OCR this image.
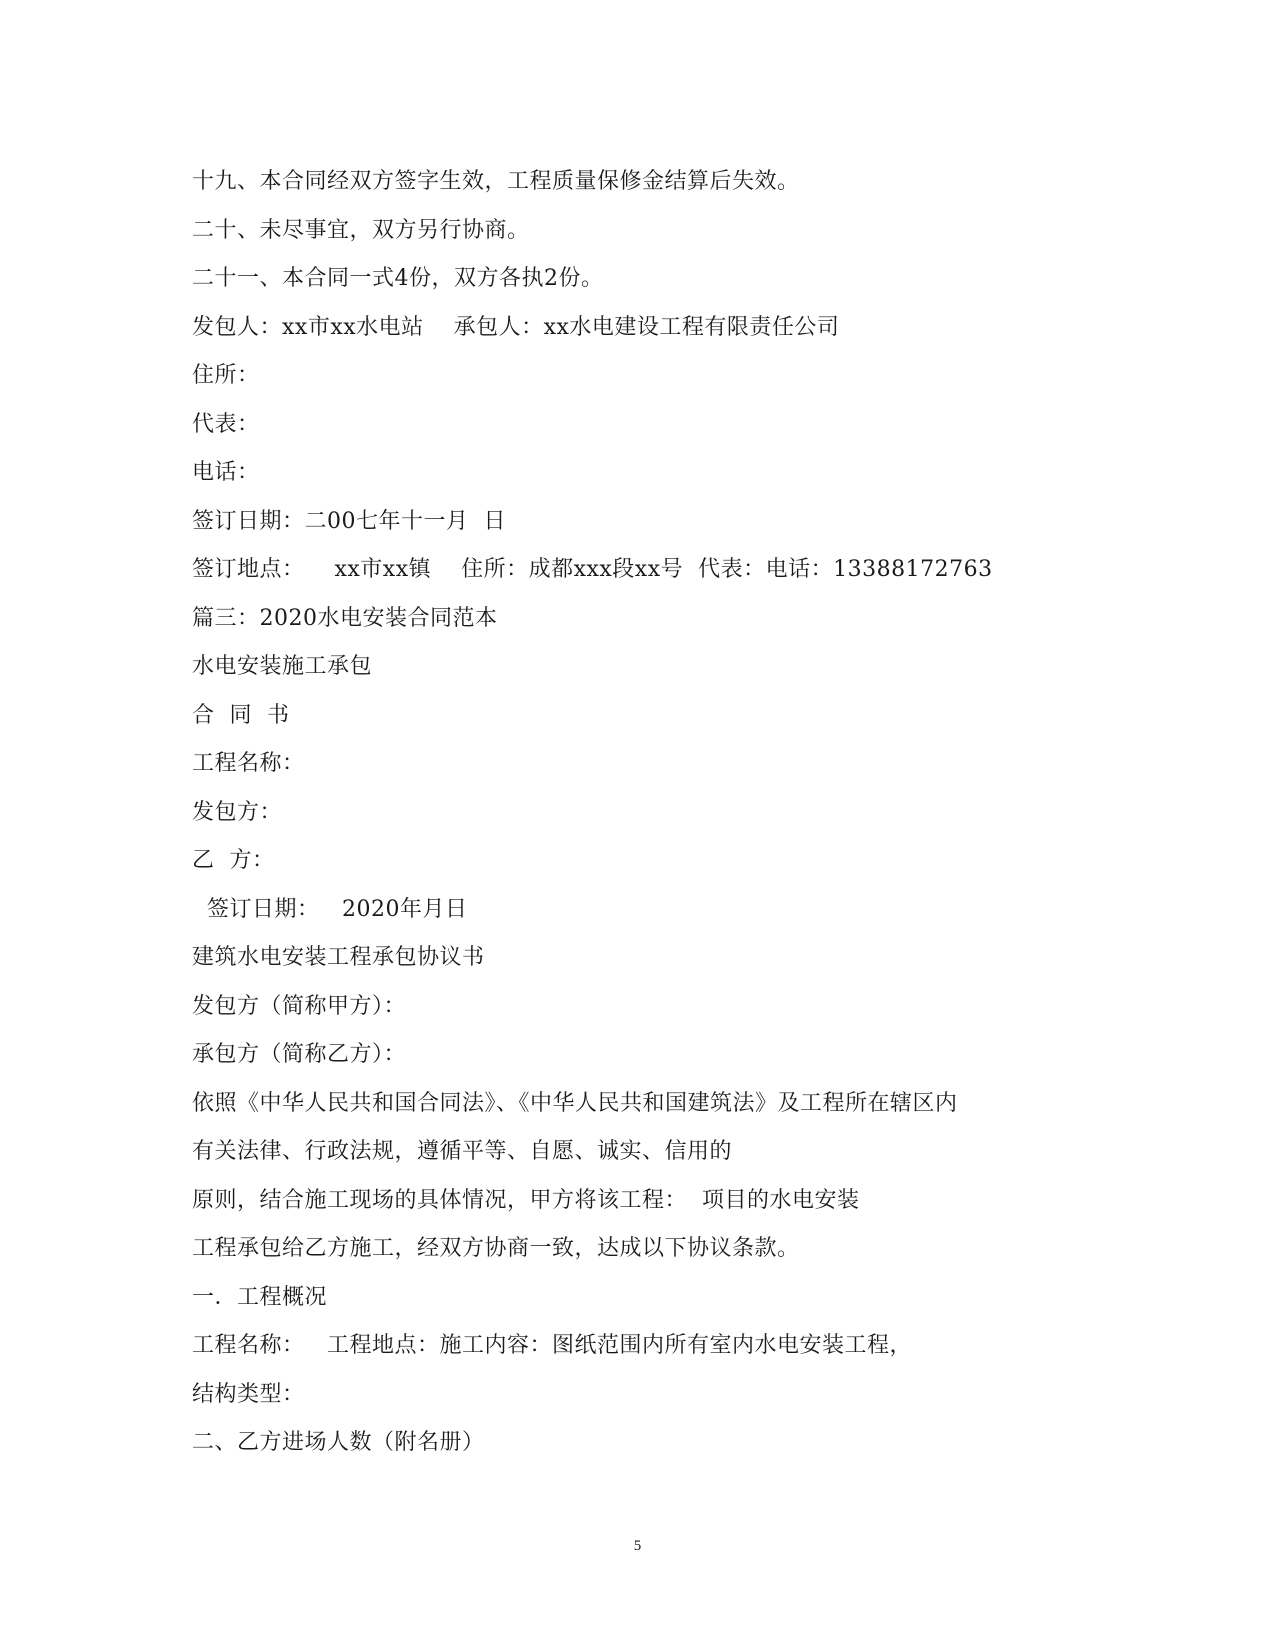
十九、本合同经双方签字生效，工程质量保修金结算后失效。
二十、未尽事宜，双方另行协商。
二十一、本合同一式4份，双方各执2份。
发包人：xx市xx水电站    承包人：xx水电建设工程有限责任公司
住所：
代表：
电话：
签订日期：二00七年十一月  日
签订地点：    xx市xx镇    住所：成都xxx段xx号  代表：电话：13388172763
篇三：2020水电安装合同范本
水电安装施工承包
合  同  书
工程名称：
发包方：
乙  方：
签订日期：   2020年月日
建筑水电安装工程承包协议书
发包方（简称甲方）：
承包方（简称乙方）：
依照《中华人民共和国合同法》、《中华人民共和国建筑法》及工程所在辖区内
有关法律、行政法规，遵循平等、自愿、诚实、信用的
原则，结合施工现场的具体情况，甲方将该工程：  项目的水电安装
工程承包给乙方施工，经双方协商一致，达成以下协议条款。
一．工程概况
工程名称：   工程地点：施工内容：图纸范围内所有室内水电安装工程，
结构类型：
二、乙方进场人数（附名册）
5
